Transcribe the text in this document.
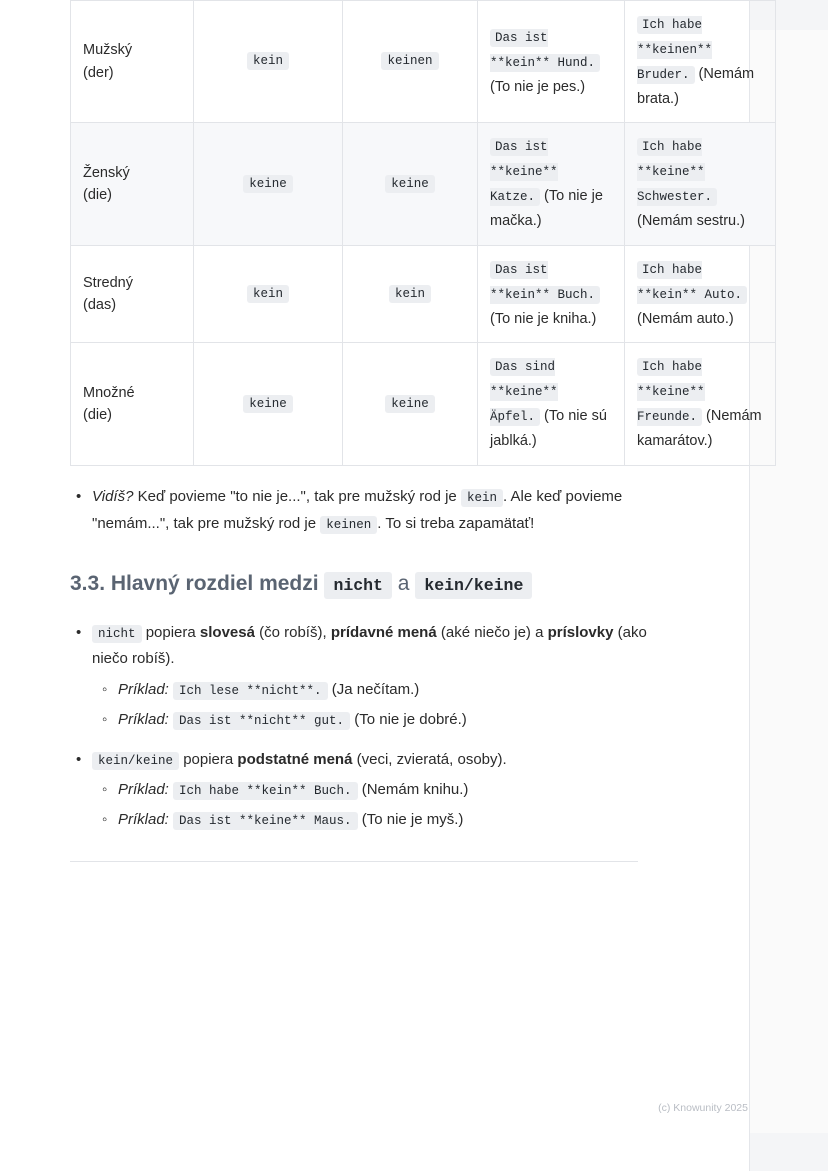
Mužský
(der)	kein	keinen	Das ist **kein** Hund. (To nie je pes.)	Ich habe **keinen** Bruder. (Nemám brata.)

Ženský
(die)	keine	keine	Das ist **keine** Katze. (To nie je mačka.)	Ich habe **keine** Schwester. (Nemám sestru.)

Stredný
(das)	kein	kein	Das ist **kein** Buch. (To nie je kniha.)	Ich habe **kein** Auto. (Nemám auto.)

Množné
(die)	keine	keine	Das sind **keine** Äpfel. (To nie sú jablká.)	Ich habe **keine** Freunde. (Nemám kamarátov.)
• Vidíš? Keď povieme "to nie je...", tak pre mužský rod je kein . Ale keď povieme "nemám...", tak pre mužský rod je keinen . To si treba zapamätať!
3.3. Hlavný rozdiel medzi nicht a kein/keine
• nicht popiera slovesá (čo robíš), prídavné mená (aké niečo je) a príslovky (ako niečo robíš).
◦ Príklad: Ich lese **nicht**. (Ja nečítam.)
◦ Príklad: Das ist **nicht** gut. (To nie je dobré.)
• kein/keine popiera podstatné mená (veci, zvieratá, osoby).
◦ Príklad: Ich habe **kein** Buch. (Nemám knihu.)
◦ Príklad: Das ist **keine** Maus. (To nie je myš.)
(c) Knowunity 2025
